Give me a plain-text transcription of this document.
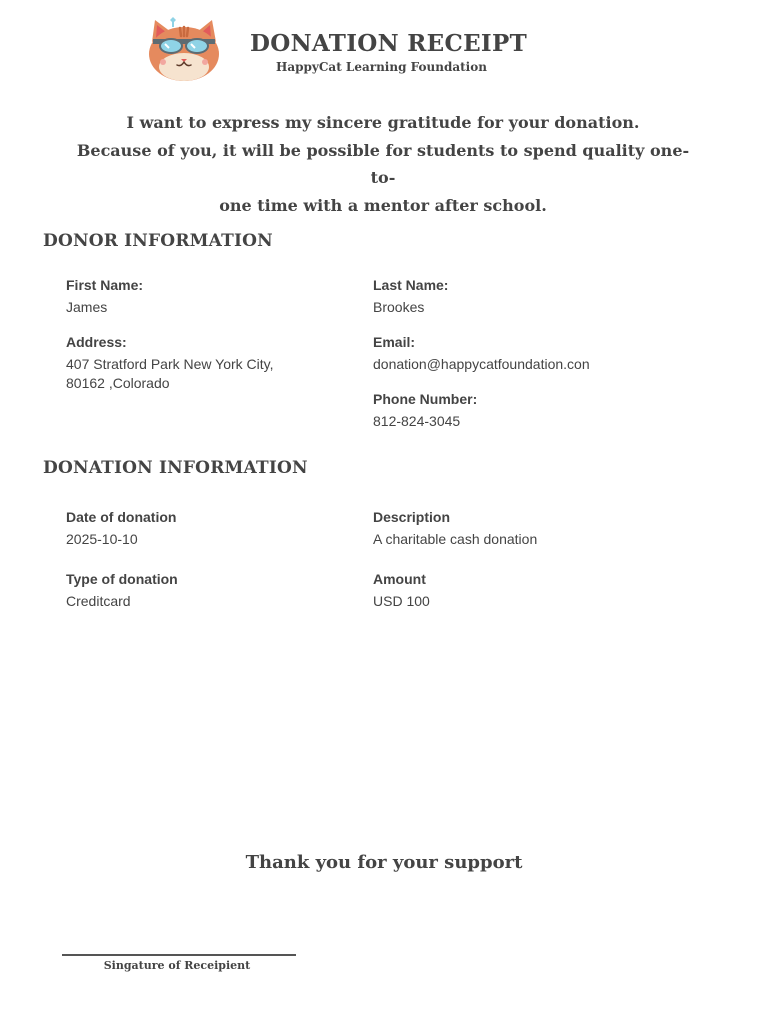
DONATION RECEIPT
HappyCat Learning Foundation
I want to express my sincere gratitude for your donation.
Because of you, it will be possible for students to spend quality one-to-
one time with a mentor after school.
DONOR INFORMATION
First Name:
James
Last Name:
Brookes
Address:
407 Stratford Park New York City,
80162 ,Colorado
Email:
donation@happycatfoundation.con
Phone Number:
812-824-3045
DONATION INFORMATION
Date of donation
2025-10-10
Description
A charitable cash donation
Type of donation
Creditcard
Amount
USD 100
Thank you for your support
Singature of Receipient
